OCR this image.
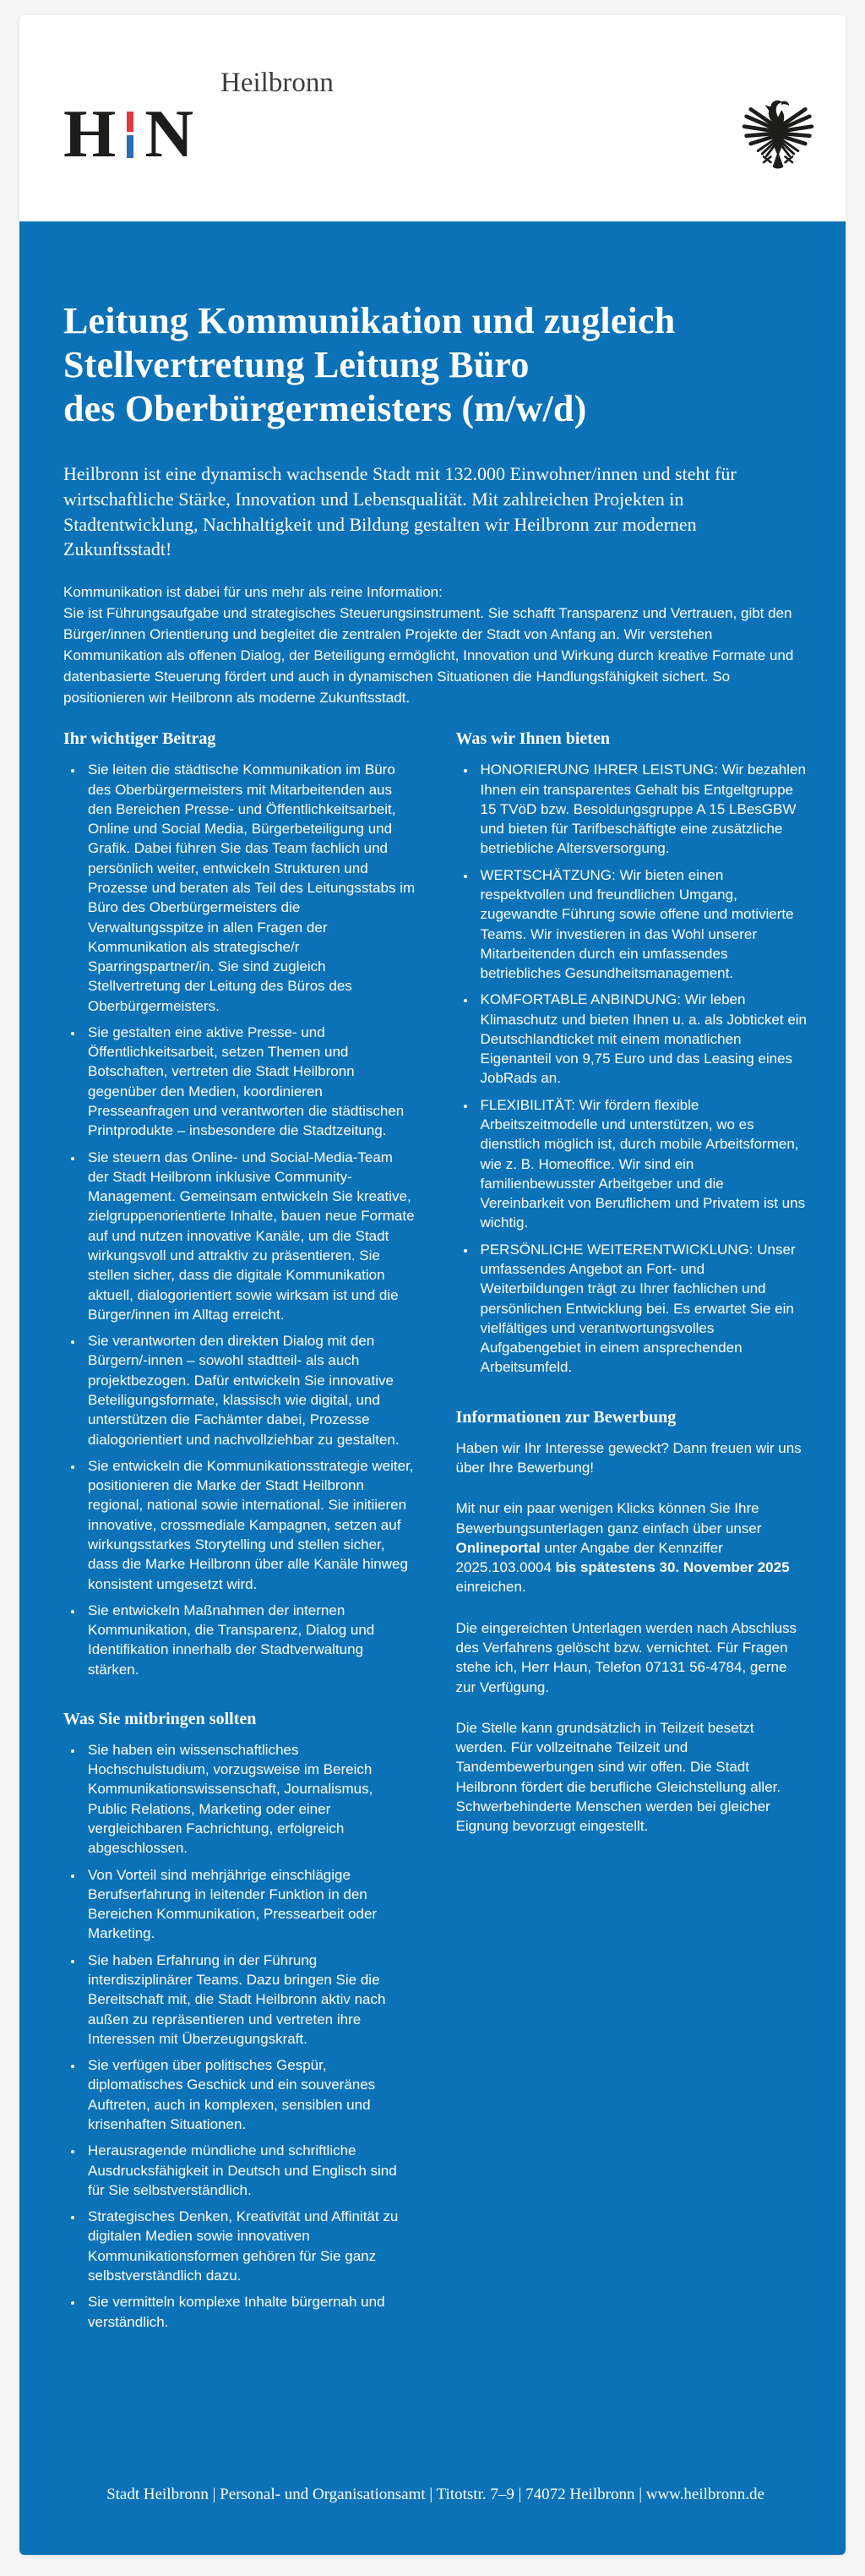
H N
Heilbronn
Leitung Kommunikation und zugleich
Stellvertretung Leitung Büro
des Oberbürgermeisters (m/w/d)

Heilbronn ist eine dynamisch wachsende Stadt mit 132.000 Einwohner/innen und steht für wirtschaftliche Stärke, Innovation und Lebensqualität. Mit zahlreichen Projekten in Stadtentwicklung, Nachhaltigkeit und Bildung gestalten wir Heilbronn zur modernen Zukunftsstadt!

Kommunikation ist dabei für uns mehr als reine Information:
Sie ist Führungsaufgabe und strategisches Steuerungsinstrument. Sie schafft Transparenz und Vertrauen, gibt den Bürger/innen Orientierung und begleitet die zentralen Projekte der Stadt von Anfang an. Wir verstehen Kommunikation als offenen Dialog, der Beteiligung ermöglicht, Innovation und Wirkung durch kreative Formate und datenbasierte Steuerung fördert und auch in dynamischen Situationen die Handlungsfähigkeit sichert. So positionieren wir Heilbronn als moderne Zukunftsstadt.

Ihr wichtiger Beitrag
• Sie leiten die städtische Kommunikation im Büro des Oberbürgermeisters mit Mitarbeitenden aus den Bereichen Presse- und Öffentlichkeitsarbeit, Online und Social Media, Bürgerbeteiligung und Grafik. Dabei führen Sie das Team fachlich und persönlich weiter, entwickeln Strukturen und Prozesse und beraten als Teil des Leitungsstabs im Büro des Oberbürgermeisters die Verwaltungsspitze in allen Fragen der Kommunikation als strategische/r Sparringspartner/in. Sie sind zugleich Stellvertretung der Leitung des Büros des Oberbürgermeisters.
• Sie gestalten eine aktive Presse- und Öffentlichkeitsarbeit, setzen Themen und Botschaften, vertreten die Stadt Heilbronn gegenüber den Medien, koordinieren Presseanfragen und verantworten die städtischen Printprodukte – insbesondere die Stadtzeitung.
• Sie steuern das Online- und Social-Media-Team der Stadt Heilbronn inklusive Community-Management. Gemeinsam entwickeln Sie kreative, zielgruppenorientierte Inhalte, bauen neue Formate auf und nutzen innovative Kanäle, um die Stadt wirkungsvoll und attraktiv zu präsentieren. Sie stellen sicher, dass die digitale Kommunikation aktuell, dialogorientiert sowie wirksam ist und die Bürger/innen im Alltag erreicht.
• Sie verantworten den direkten Dialog mit den Bürgern/-innen – sowohl stadtteil- als auch projektbezogen. Dafür entwickeln Sie innovative Beteiligungsformate, klassisch wie digital, und unterstützen die Fachämter dabei, Prozesse dialogorientiert und nachvollziehbar zu gestalten.
• Sie entwickeln die Kommunikationsstrategie weiter, positionieren die Marke der Stadt Heilbronn regional, national sowie international. Sie initiieren innovative, crossmediale Kampagnen, setzen auf wirkungsstarkes Storytelling und stellen sicher, dass die Marke Heilbronn über alle Kanäle hinweg konsistent umgesetzt wird.
• Sie entwickeln Maßnahmen der internen Kommunikation, die Transparenz, Dialog und Identifikation innerhalb der Stadtverwaltung stärken.
Was Sie mitbringen sollten
• Sie haben ein wissenschaftliches Hochschulstudium, vorzugsweise im Bereich Kommunikationswissenschaft, Journalismus, Public Relations, Marketing oder einer vergleichbaren Fachrichtung, erfolgreich abgeschlossen.
• Von Vorteil sind mehrjährige einschlägige Berufserfahrung in leitender Funktion in den Bereichen Kommunikation, Pressearbeit oder Marketing.
• Sie haben Erfahrung in der Führung interdisziplinärer Teams. Dazu bringen Sie die Bereitschaft mit, die Stadt Heilbronn aktiv nach außen zu repräsentieren und vertreten ihre Interessen mit Überzeugungskraft.
• Sie verfügen über politisches Gespür, diplomatisches Geschick und ein souveränes Auftreten, auch in komplexen, sensiblen und krisenhaften Situationen.
• Herausragende mündliche und schriftliche Ausdrucksfähigkeit in Deutsch und Englisch sind für Sie selbstverständlich.
• Strategisches Denken, Kreativität und Affinität zu digitalen Medien sowie innovativen Kommunikationsformen gehören für Sie ganz selbstverständlich dazu.
• Sie vermitteln komplexe Inhalte bürgernah und verständlich.
Was wir Ihnen bieten
• HONORIERUNG IHRER LEISTUNG: Wir bezahlen Ihnen ein transparentes Gehalt bis Entgeltgruppe 15 TVöD bzw. Besoldungsgruppe A 15 LBesGBW und bieten für Tarifbeschäftigte eine zusätzliche betriebliche Altersversorgung.
• WERTSCHÄTZUNG: Wir bieten einen respektvollen und freundlichen Umgang, zugewandte Führung sowie offene und motivierte Teams. Wir investieren in das Wohl unserer Mitarbeitenden durch ein umfassendes betriebliches Gesundheitsmanagement.
• KOMFORTABLE ANBINDUNG: Wir leben Klimaschutz und bieten Ihnen u. a. als Jobticket ein Deutschlandticket mit einem monatlichen Eigenanteil von 9,75 Euro und das Leasing eines JobRads an.
• FLEXIBILITÄT: Wir fördern flexible Arbeitszeitmodelle und unterstützen, wo es dienstlich möglich ist, durch mobile Arbeitsformen, wie z. B. Homeoffice. Wir sind ein familienbewusster Arbeitgeber und die Vereinbarkeit von Beruflichem und Privatem ist uns wichtig.
• PERSÖNLICHE WEITERENTWICKLUNG: Unser umfassendes Angebot an Fort- und Weiterbildungen trägt zu Ihrer fachlichen und persönlichen Entwicklung bei. Es erwartet Sie ein vielfältiges und verantwortungsvolles Aufgabengebiet in einem ansprechenden Arbeitsumfeld.
Informationen zur Bewerbung

Haben wir Ihr Interesse geweckt? Dann freuen wir uns über Ihre Bewerbung!

Mit nur ein paar wenigen Klicks können Sie Ihre Bewerbungsunterlagen ganz einfach über unser Onlineportal unter Angabe der Kennziffer 2025.103.0004 bis spätestens 30. November 2025 einreichen.

Die eingereichten Unterlagen werden nach Abschluss des Verfahrens gelöscht bzw. vernichtet. Für Fragen stehe ich, Herr Haun, Telefon 07131 56-4784, gerne zur Verfügung.

Die Stelle kann grundsätzlich in Teilzeit besetzt werden. Für vollzeitnahe Teilzeit und Tandembewerbungen sind wir offen. Die Stadt Heilbronn fördert die berufliche Gleichstellung aller. Schwerbehinderte Menschen werden bei gleicher Eignung bevorzugt eingestellt.

Stadt Heilbronn | Personal- und Organisationsamt | Titotstr. 7–9 | 74072 Heilbronn | www.heilbronn.de
